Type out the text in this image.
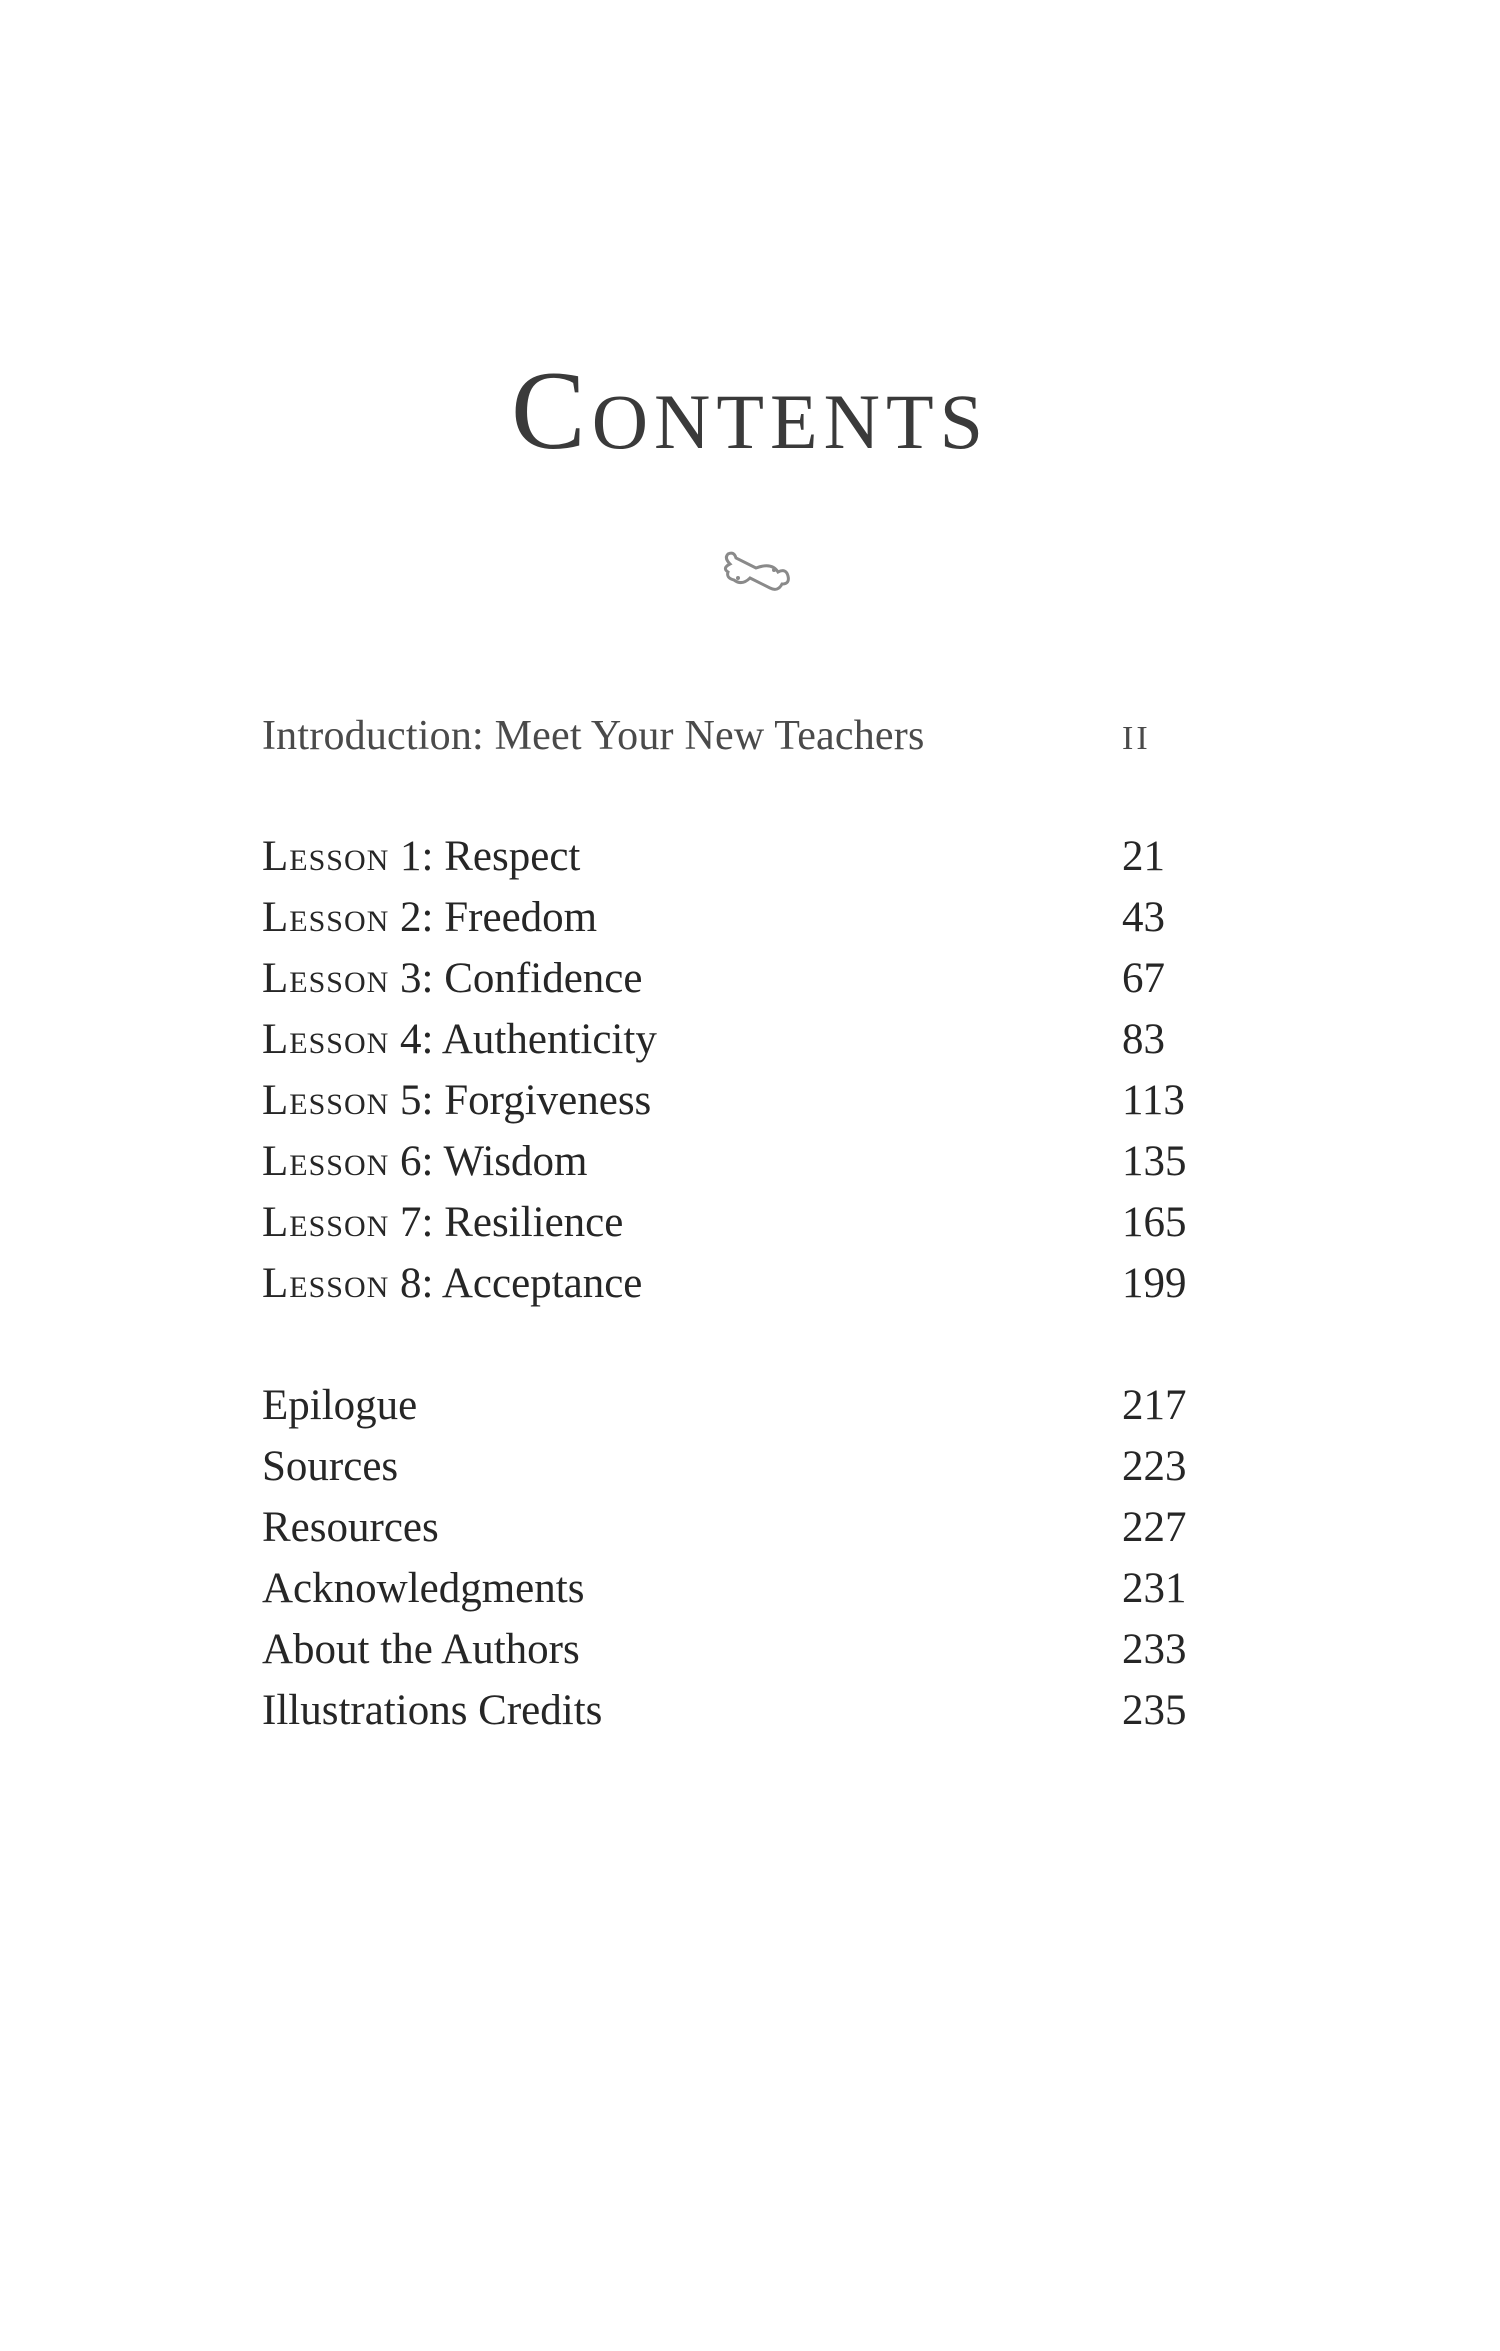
Contents
Introduction: Meet Your New Teachers	II
Lesson 1: Respect	21
Lesson 2: Freedom	43
Lesson 3: Confidence	67
Lesson 4: Authenticity	83
Lesson 5: Forgiveness	113
Lesson 6: Wisdom	135
Lesson 7: Resilience	165
Lesson 8: Acceptance	199
Epilogue	217
Sources	223
Resources	227
Acknowledgments	231
About the Authors	233
Illustrations Credits	235
